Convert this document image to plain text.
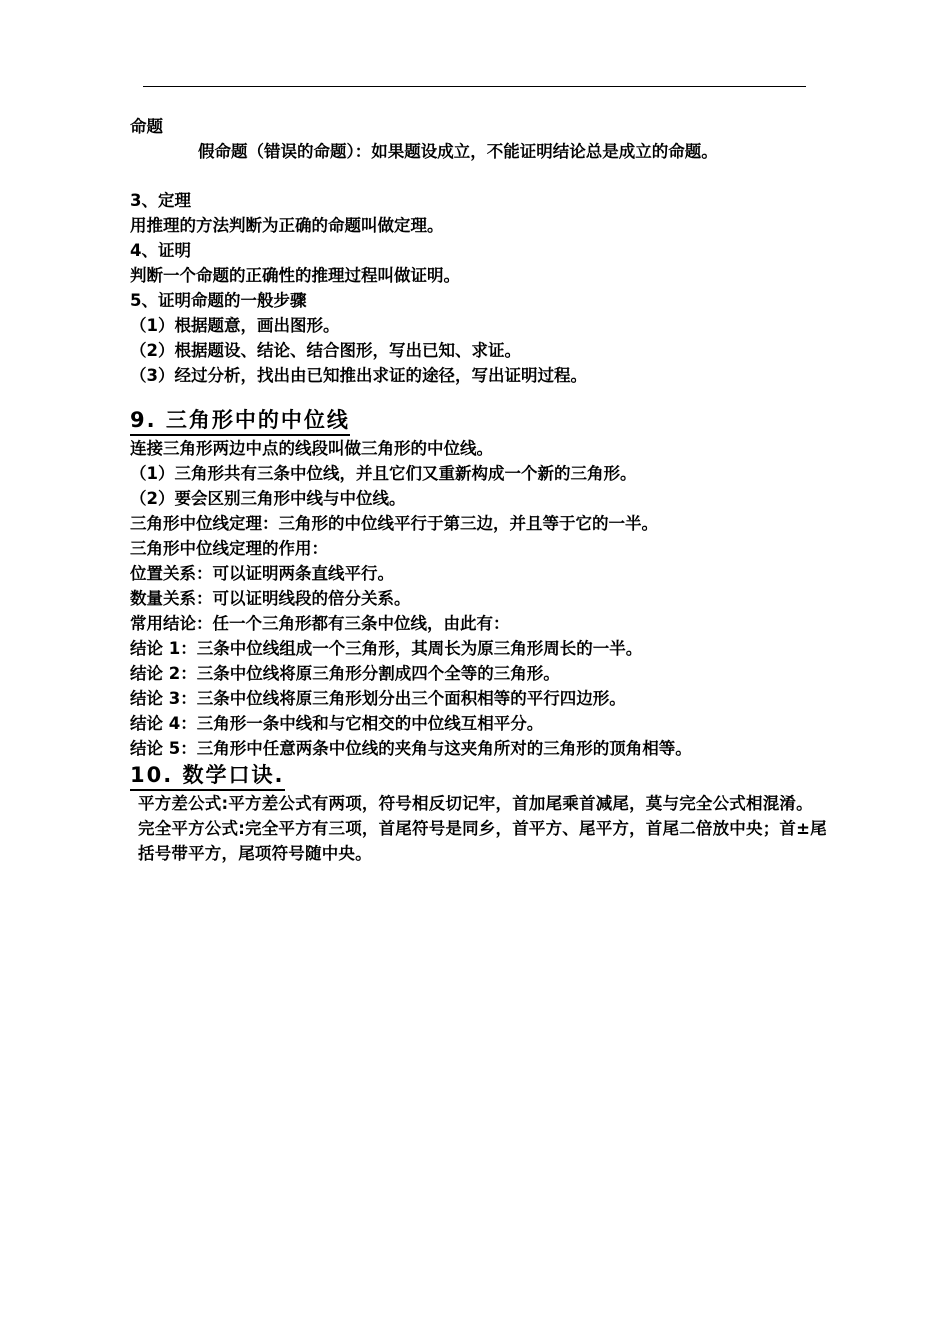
命题
假命题（错误的命题）：如果题设成立，不能证明结论总是成立的命题。
3、定理
用推理的方法判断为正确的命题叫做定理。
4、证明
判断一个命题的正确性的推理过程叫做证明。
5、证明命题的一般步骤
（1）根据题意，画出图形。
（2）根据题设、结论、结合图形，写出已知、求证。
（3）经过分析，找出由已知推出求证的途径，写出证明过程。
9. 三角形中的中位线
连接三角形两边中点的线段叫做三角形的中位线。
（1）三角形共有三条中位线，并且它们又重新构成一个新的三角形。
（2）要会区别三角形中线与中位线。
三角形中位线定理：三角形的中位线平行于第三边，并且等于它的一半。
三角形中位线定理的作用：
位置关系：可以证明两条直线平行。
数量关系：可以证明线段的倍分关系。
常用结论：任一个三角形都有三条中位线，由此有：
结论 1：三条中位线组成一个三角形，其周长为原三角形周长的一半。
结论 2：三条中位线将原三角形分割成四个全等的三角形。
结论 3：三条中位线将原三角形划分出三个面积相等的平行四边形。
结论 4：三角形一条中线和与它相交的中位线互相平分。
结论 5：三角形中任意两条中位线的夹角与这夹角所对的三角形的顶角相等。
10. 数学口诀.
平方差公式:平方差公式有两项，符号相反切记牢，首加尾乘首减尾，莫与完全公式相混淆。
完全平方公式:完全平方有三项，首尾符号是同乡，首平方、尾平方，首尾二倍放中央；首±尾括号带平方，尾项符号随中央。
